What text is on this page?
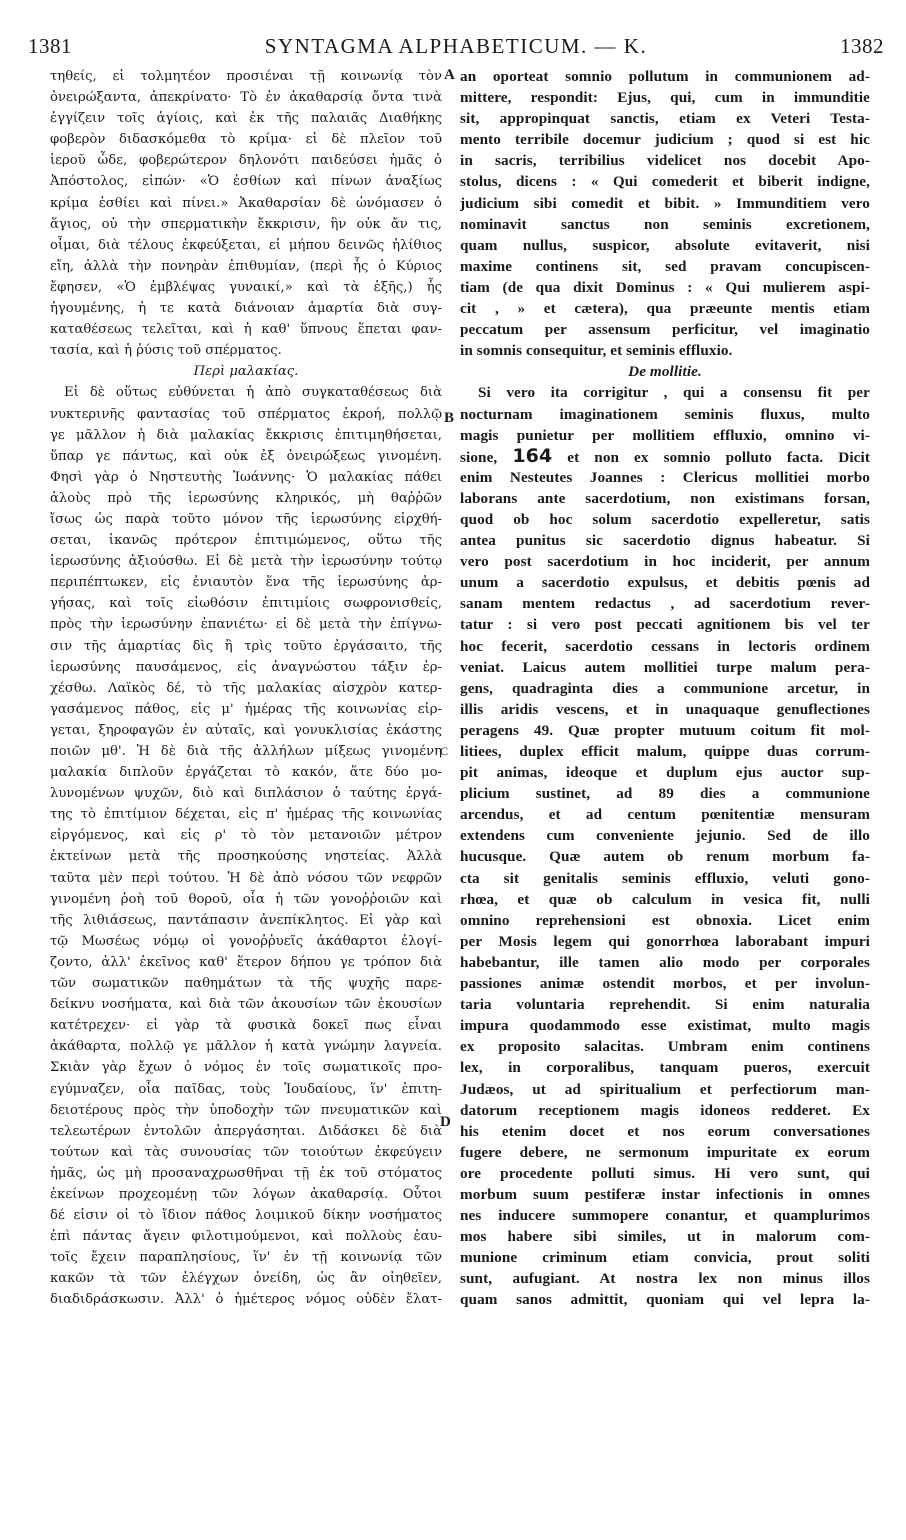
1381	SYNTAGMA ALPHABETICUM. — K.	1382
A
B
C
D
τηθείς, εἰ τολμητέον προσιέναι τῇ κοινωνίᾳ τὸν
ὀνειρώξαντα, ἀπεκρίνατο· Τὸ ἐν ἀκαθαρσίᾳ ὄντα τινὰ
ἐγγίζειν τοῖς ἁγίοις, καὶ ἐκ τῆς παλαιᾶς Διαθήκης
φοβερὸν διδασκόμεθα τὸ κρίμα· εἰ δὲ πλεῖον τοῦ
ἱεροῦ ὧδε, φοβερώτερον δηλονότι παιδεύσει ἡμᾶς ὁ
Ἀπόστολος, εἰπών· «Ὁ ἐσθίων καὶ πίνων ἀναξίως
κρίμα ἐσθίει καὶ πίνει.» Ἀκαθαρσίαν δὲ ὠνόμασεν ὁ
ἅγιος, οὐ τὴν σπερματικὴν ἔκκρισιν, ἣν οὐκ ἄν τις,
οἶμαι, διὰ τέλους ἐκφεύξεται, εἰ μήπου δεινῶς ἠλίθιος
εἴη, ἀλλὰ τὴν πονηρὰν ἐπιθυμίαν, (περὶ ἧς ὁ Κύριος
ἔφησεν, «Ὁ ἐμβλέψας γυναικί,» καὶ τὰ ἑξῆς,) ἧς
ἡγουμένης, ἡ τε κατὰ διάνοιαν ἁμαρτία διὰ συγ-
καταθέσεως τελεῖται, καὶ ἡ καθ' ὕπνους ἕπεται φαν-
τασία, καὶ ἡ ῥύσις τοῦ σπέρματος.
Περὶ μαλακίας.
Εἰ δὲ οὕτως εὐθύνεται ἡ ἀπὸ συγκαταθέσεως διὰ
νυκτερινῆς φαντασίας τοῦ σπέρματος ἐκροή, πολλῷ
γε μᾶλλον ἡ διὰ μαλακίας ἔκκρισις ἐπιτιμηθήσεται,
ὕπαρ γε πάντως, καὶ οὐκ ἐξ ὀνειρώξεως γινομένη.
Φησὶ γὰρ ὁ Νηστευτὴς Ἰωάννης· Ὁ μαλακίας πάθει
ἁλοὺς πρὸ τῆς ἱερωσύνης κληρικός, μὴ θαῤῥῶν
ἴσως ὡς παρὰ τοῦτο μόνον τῆς ἱερωσύνης εἰρχθή-
σεται, ἱκανῶς πρότερον ἐπιτιμώμενος, οὕτω τῆς
ἱερωσύνης ἀξιούσθω. Εἰ δὲ μετὰ τὴν ἱερωσύνην τούτῳ
περιπέπτωκεν, εἰς ἐνιαυτὸν ἕνα τῆς ἱερωσύνης ἀρ-
γήσας, καὶ τοῖς εἰωθόσιν ἐπιτιμίοις σωφρονισθείς,
πρὸς τὴν ἱερωσύνην ἐπανιέτω· εἰ δὲ μετὰ τὴν ἐπίγνω-
σιν τῆς ἁμαρτίας δὶς ἢ τρὶς τοῦτο ἐργάσαιτο, τῆς
ἱερωσύνης παυσάμενος, εἰς ἀναγνώστου τάξιν ἐρ-
χέσθω. Λαϊκὸς δέ, τὸ τῆς μαλακίας αἰσχρὸν κατερ-
γασάμενος πάθος, εἰς μ' ἡμέρας τῆς κοινωνίας εἰρ-
γεται, ξηροφαγῶν ἐν αὐταῖς, καὶ γονυκλισίας ἑκάστης
ποιῶν μθ'. Ἡ δὲ διὰ τῆς ἀλλήλων μίξεως γινομένη
μαλακία διπλοῦν ἐργάζεται τὸ κακόν, ἅτε δύο μο-
λυνομένων ψυχῶν, διὸ καὶ διπλάσιον ὁ ταύτης ἐργά-
της τὸ ἐπιτίμιον δέχεται, εἰς π' ἡμέρας τῆς κοινωνίας
εἰργόμενος, καὶ εἰς ρ' τὸ τὸν μετανοιῶν μέτρον
ἐκτείνων μετὰ τῆς προσηκούσης νηστείας. Ἀλλὰ
ταῦτα μὲν περὶ τούτου. Ἡ δὲ ἀπὸ νόσου τῶν νεφρῶν
γινομένη ῥοὴ τοῦ θοροῦ, οἷα ἡ τῶν γονοῤῥοιῶν καὶ
τῆς λιθιάσεως, παντάπασιν ἀνεπίκλητος. Εἰ γὰρ καὶ
τῷ Μωσέως νόμῳ οἱ γονοῤῥυεῖς ἀκάθαρτοι ἐλογί-
ζοντο, ἀλλ' ἐκεῖνος καθ' ἕτερον δήπου γε τρόπον διὰ
τῶν σωματικῶν παθημάτων τὰ τῆς ψυχῆς παρε-
δείκνυ νοσήματα, καὶ διὰ τῶν ἀκουσίων τῶν ἑκουσίων
κατέτρεχεν· εἰ γὰρ τὰ φυσικὰ δοκεῖ πως εἶναι
ἀκάθαρτα, πολλῷ γε μᾶλλον ἡ κατὰ γνώμην λαγνεία.
Σκιὰν γὰρ ἔχων ὁ νόμος ἐν τοῖς σωματικοῖς προ-
εγύμναζεν, οἷα παῖδας, τοὺς Ἰουδαίους, ἵν' ἐπιτη-
δειοτέρους πρὸς τὴν ὑποδοχὴν τῶν πνευματικῶν καὶ
τελεωτέρων ἐντολῶν ἀπεργάσηται. Διδάσκει δὲ διὰ
τούτων καὶ τὰς συνουσίας τῶν τοιούτων ἐκφεύγειν
ἡμᾶς, ὡς μὴ προσαναχρωσθῆναι τῇ ἐκ τοῦ στόματος
ἐκείνων προχεομένῃ τῶν λόγων ἀκαθαρσίᾳ. Οὗτοι
δέ εἰσιν οἱ τὸ ἴδιον πάθος λοιμικοῦ δίκην νοσήματος
ἐπὶ πάντας ἄγειν φιλοτιμούμενοι, καὶ πολλοὺς ἑαυ-
τοῖς ἔχειν παραπλησίους, ἵν' ἐν τῇ κοινωνίᾳ τῶν
κακῶν τὰ τῶν ἐλέγχων ὀνείδη, ὡς ἂν οἰηθεῖεν,
διαδιδράσκωσιν. Ἀλλ' ὁ ἡμέτερος νόμος οὐδὲν ἔλατ-
an oporteat somnio pollutum in communionem ad-
mittere, respondit: Ejus, qui, cum in immunditie
sit, appropinquat sanctis, etiam ex Veteri Testa-
mento terribile docemur judicium ; quod si est hic
in sacris, terribilius videlicet nos docebit Apo-
stolus, dicens : « Qui comederit et biberit indigne,
judicium sibi comedit et bibit. » Immunditiem vero
nominavit sanctus non seminis excretionem,
quam nullus, suspicor, absolute evitaverit, nisi
maxime continens sit, sed pravam concupiscen-
tiam (de qua dixit Dominus : « Qui mulierem aspi-
cit , » et cætera), qua præeunte mentis etiam
peccatum per assensum perficitur, vel imaginatio
in somnis consequitur, et seminis effluxio.
De mollitie.
Si vero ita corrigitur , qui a consensu fit per
nocturnam imaginationem seminis fluxus, multo
magis punietur per mollitiem effluxio, omnino vi-
sione, 164 et non ex somnio polluto facta. Dicit
enim Nesteutes Joannes : Clericus mollitiei morbo
laborans ante sacerdotium, non existimans forsan,
quod ob hoc solum sacerdotio expelleretur, satis
antea punitus sic sacerdotio dignus habeatur. Si
vero post sacerdotium in hoc inciderit, per annum
unum a sacerdotio expulsus, et debitis pœnis ad
sanam mentem redactus , ad sacerdotium rever-
tatur : si vero post peccati agnitionem bis vel ter
hoc fecerit, sacerdotio cessans in lectoris ordinem
veniat. Laicus autem mollitiei turpe malum pera-
gens, quadraginta dies a communione arcetur, in
illis aridis vescens, et in unaquaque genuflectiones
peragens 49. Quæ propter mutuum coitum fit mol-
litiees, duplex efficit malum, quippe duas corrum-
pit animas, ideoque et duplum ejus auctor sup-
plicium sustinet, ad 89 dies a communione
arcendus, et ad centum pœnitentiæ mensuram
extendens cum conveniente jejunio. Sed de illo
hucusque. Quæ autem ob renum morbum fa-
cta sit genitalis seminis effluxio, veluti gono-
rhœa, et quæ ob calculum in vesica fit, nulli
omnino reprehensioni est obnoxia. Licet enim
per Mosis legem qui gonorrhœa laborabant impuri
habebantur, ille tamen alio modo per corporales
passiones animæ ostendit morbos, et per involun-
taria voluntaria reprehendit. Si enim naturalia
impura quodammodo esse existimat, multo magis
ex proposito salacitas. Umbram enim continens
lex, in corporalibus, tanquam pueros, exercuit
Judæos, ut ad spiritualium et perfectiorum man-
datorum receptionem magis idoneos redderet. Ex
his etenim docet et nos eorum conversationes
fugere debere, ne sermonum impuritate ex eorum
ore procedente polluti simus. Hi vero sunt, qui
morbum suum pestiferæ instar infectionis in omnes
nes inducere summopere conantur, et quamplurimos
mos habere sibi similes, ut in malorum com-
munione criminum etiam convicia, prout soliti
sunt, aufugiant. At nostra lex non minus illos
quam sanos admittit, quoniam qui vel lepra la-
